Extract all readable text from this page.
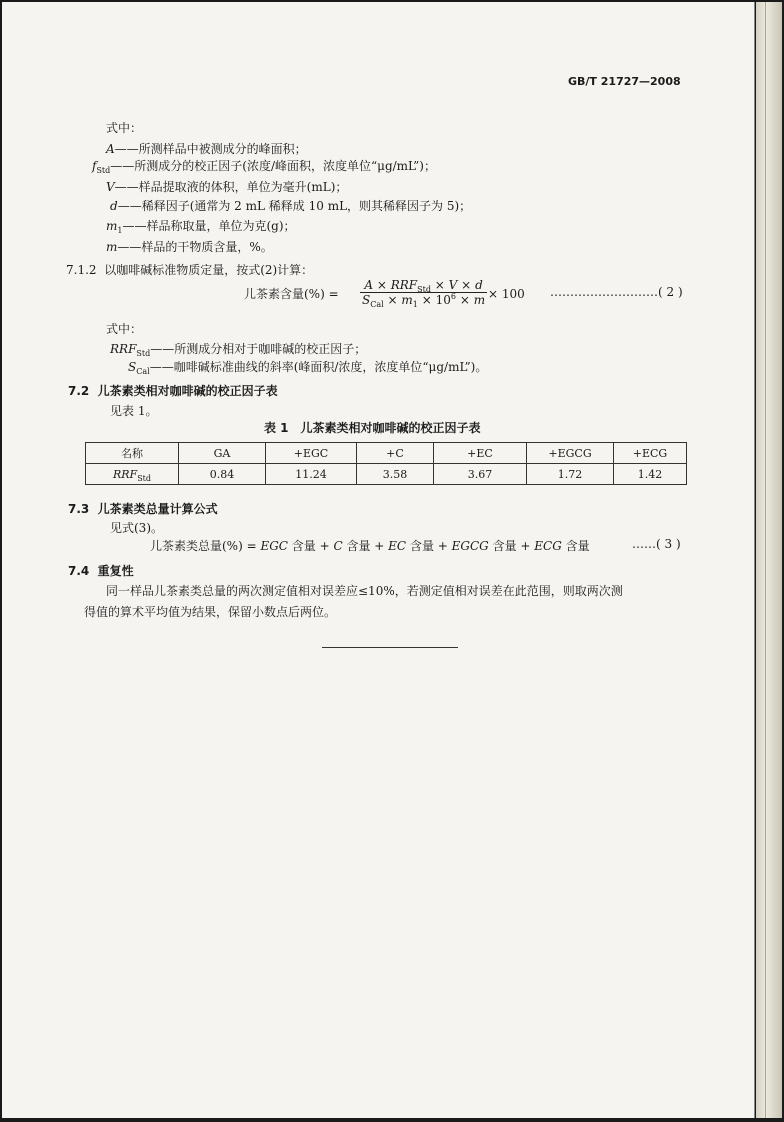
GB/T 21727—2008
式中：
A——所测样品中被测成分的峰面积；
$f_{Std}——$所测成分的校正因子(浓度/峰面积，浓度单位“μg/mL”)；
V——样品提取液的体积，单位为毫升(mL)；
d——稀释因子(通常为 2 mL 稀释成 10 mL，则其稀释因子为 5)；
$m_1——$样品称取量，单位为克(g)；
m——样品的干物质含量，%。
7.1.2 以咖啡碱标准物质定量，按式(2)计算：
儿茶素含量(%) =
$A \times RRF_{Std} \times V \times d$
$S_{Cal} \times m_1 \times 10^6 \times m \times 100$ ………………………( 2 )
式中：
$RRF_{Std}——$所测成分相对于咖啡碱的校正因子；
$S_{Cal}——$咖啡碱标准曲线的斜率(峰面积/浓度，浓度单位“μg/mL”)。
7.2 儿茶素类相对咖啡碱的校正因子表
见表 1。
表 1　儿茶素类相对咖啡碱的校正因子表
名称	GA	+EGC	+C	+EC	+EGCG	+ECG
$RRF_{Std}$	0.84	11.24	3.58	3.67	1.72	1.42
7.3 儿茶素类总量计算公式
见式(3)。
儿茶素类总量(%) = EGC 含量 + C 含量 + EC 含量 + EGCG 含量 + ECG 含量	……( 3 )
7.4 重复性
同一样品儿茶素类总量的两次测定值相对误差应≤10%，若测定值相对误差在此范围，则取两次测
得值的算术平均值为结果，保留小数点后两位。
